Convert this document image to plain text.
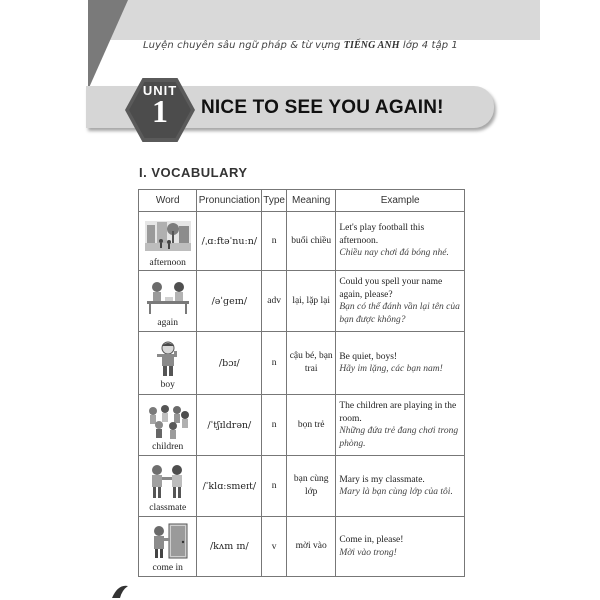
Luyện chuyên sâu ngữ pháp & từ vựng TIẾNG ANH lớp 4 tập 1
UNIT
1	NICE TO SEE YOU AGAIN!
I. VOCABULARY
Word	Pronunciation	Type	Meaning	Example

afternoon	/ˌɑːftəˈnuːn/	n	buổi chiều	Let's play football this afternoon.
Chiều nay chơi đá bóng nhé.

again	/əˈɡeɪn/	adv	lại, lặp lại	Could you spell your name again, please?
Bạn có thể đánh vần lại tên của bạn được không?

boy	/bɔɪ/	n	cậu bé, bạn trai	Be quiet, boys!
Hãy im lặng, các bạn nam!

children	/ˈtʃɪldrən/	n	bọn trẻ	The children are playing in the room.
Những đứa trẻ đang chơi trong phòng.

classmate	/ˈklɑːsmeɪt/	n	bạn cùng lớp	Mary is my classmate.
Mary là bạn cùng lớp của tôi.

come in	/kʌm ɪn/	v	mời vào	Come in, please!
Mời vào trong!
